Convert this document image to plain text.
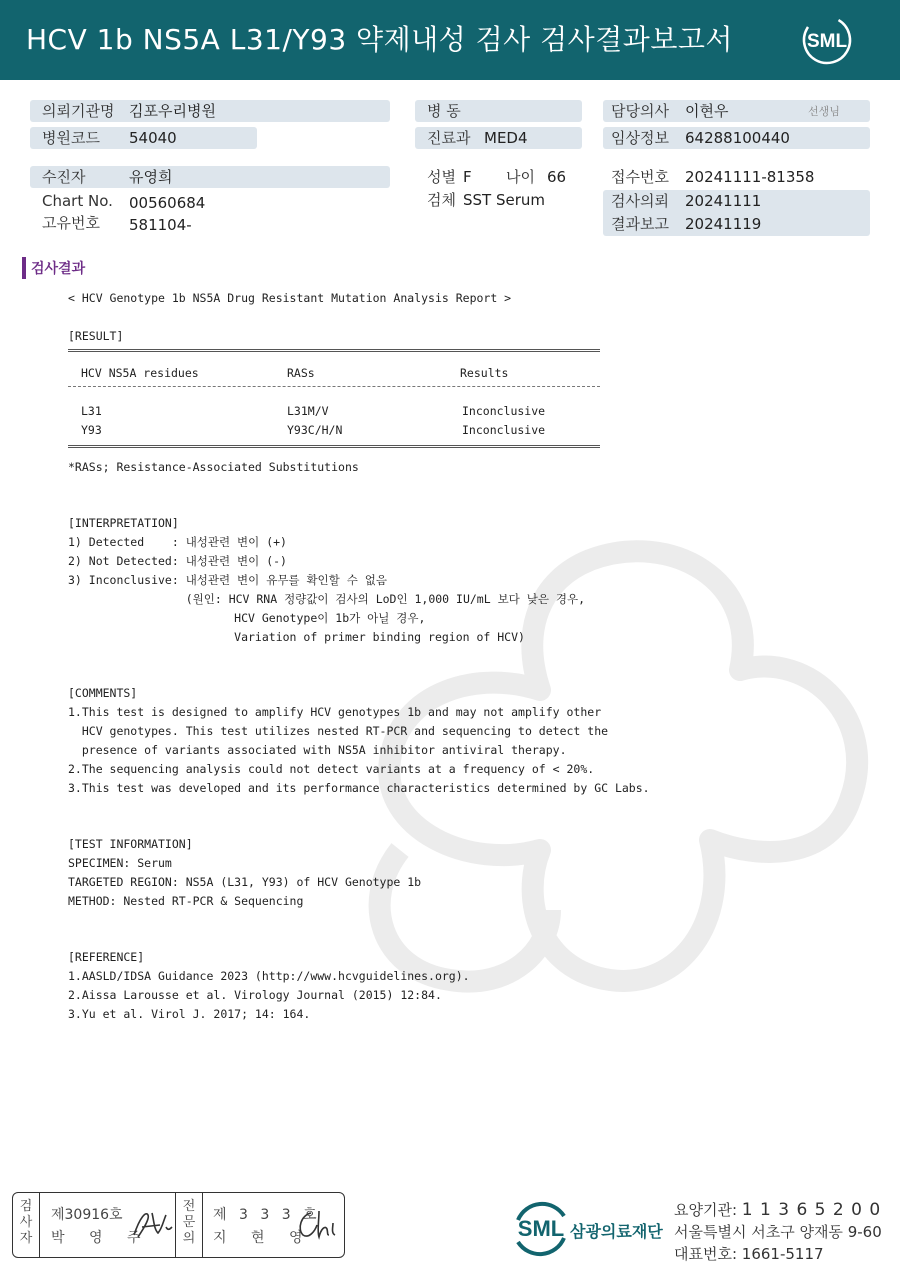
HCV 1b NS5A L31/Y93 약제내성 검사 검사결과보고서	SML
의뢰기관명 김포우리병원
병원코드 54040
병 동
진료과 MED4
담당의사 이현우	선생님
임상정보 64288100440
수진자	유영희
Chart No. 00560684
고유번호 581104-
성별 F 나이 66
검체 SST Serum
접수번호 20241111-81358
검사의뢰 20241111
결과보고 20241119
검사결과
< HCV Genotype 1b NS5A Drug Resistant Mutation Analysis Report >
[RESULT]
HCV NS5A residues	RASs	Results
L31	L31M/V	Inconclusive
Y93	Y93C/H/N	Inconclusive
*RASs; Resistance-Associated Substitutions
[INTERPRETATION]
1) Detected    : 내성관련 변이 (+)
2) Not Detected: 내성관련 변이 (-)
3) Inconclusive: 내성관련 변이 유무를 확인할 수 없음
(원인: HCV RNA 정량값이 검사의 LoD인 1,000 IU/mL 보다 낮은 경우,
HCV Genotype이 1b가 아닐 경우,
Variation of primer binding region of HCV)
[COMMENTS]
1.This test is designed to amplify HCV genotypes 1b and may not amplify other
HCV genotypes. This test utilizes nested RT-PCR and sequencing to detect the
presence of variants associated with NS5A inhibitor antiviral therapy.
2.The sequencing analysis could not detect variants at a frequency of < 20%.
3.This test was developed and its performance characteristics determined by GC Labs.
[TEST INFORMATION]
SPECIMEN: Serum
TARGETED REGION: NS5A (L31, Y93) of HCV Genotype 1b
METHOD: Nested RT-PCR & Sequencing
[REFERENCE]
1.AASLD/IDSA Guidance 2023 (http://www.hcvguidelines.org).
2.Aissa Larousse et al. Virology Journal (2015) 12:84.
3.Yu et al. Virol J. 2017; 14: 164.
검사자
제30916호
박 영 주
전문의
제 3 3 3 호
지 현 영	SML 삼광의료재단
요양기관: 1 1 3 6 5 2 0 0
서울특별시 서초구 양재동 9-60
대표번호: 1661-5117
